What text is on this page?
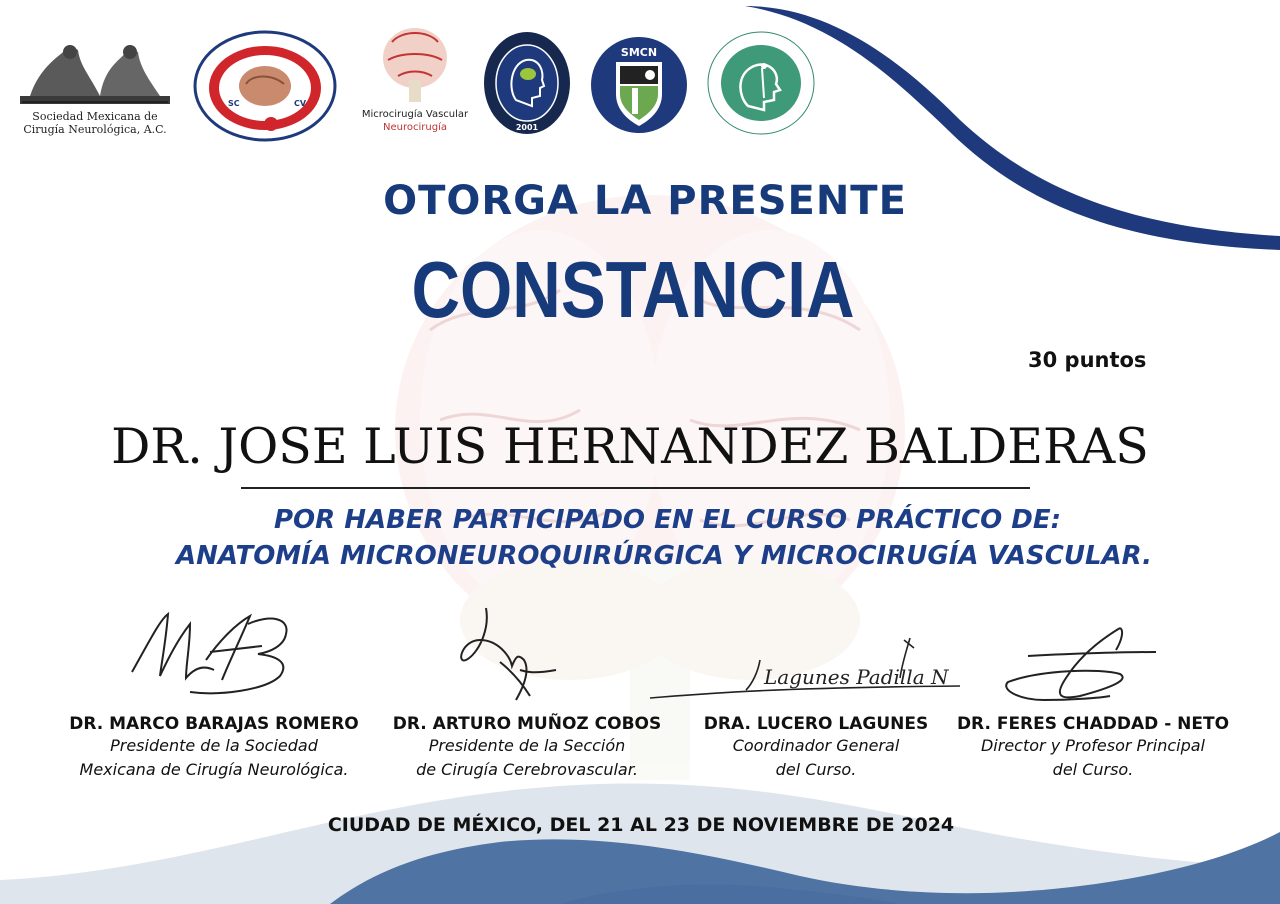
Sociedad Mexicana de
Cirugía Neurológica, A.C.
SC	CV
Microcirugía Vascular
Neurocirugía	2001
SMCN
OTORGA LA PRESENTE
CONSTANCIA
30 puntos
DR. JOSE LUIS HERNANDEZ BALDERAS
POR HABER PARTICIPADO EN EL CURSO PRÁCTICO DE:
ANATOMÍA MICRONEUROQUIRÚRGICA Y MICROCIRUGÍA VASCULAR.
Lagunes Padilla N
DR. MARCO BARAJAS ROMERO
Presidente de la Sociedad
Mexicana de Cirugía Neurológica.
DR. ARTURO MUÑOZ COBOS
Presidente de la Sección
de Cirugía Cerebrovascular.
DRA. LUCERO LAGUNES
Coordinador General
del Curso.
DR. FERES CHADDAD - NETO
Director y Profesor Principal
del Curso.
CIUDAD DE MÉXICO, DEL 21 AL 23 DE NOVIEMBRE DE 2024
